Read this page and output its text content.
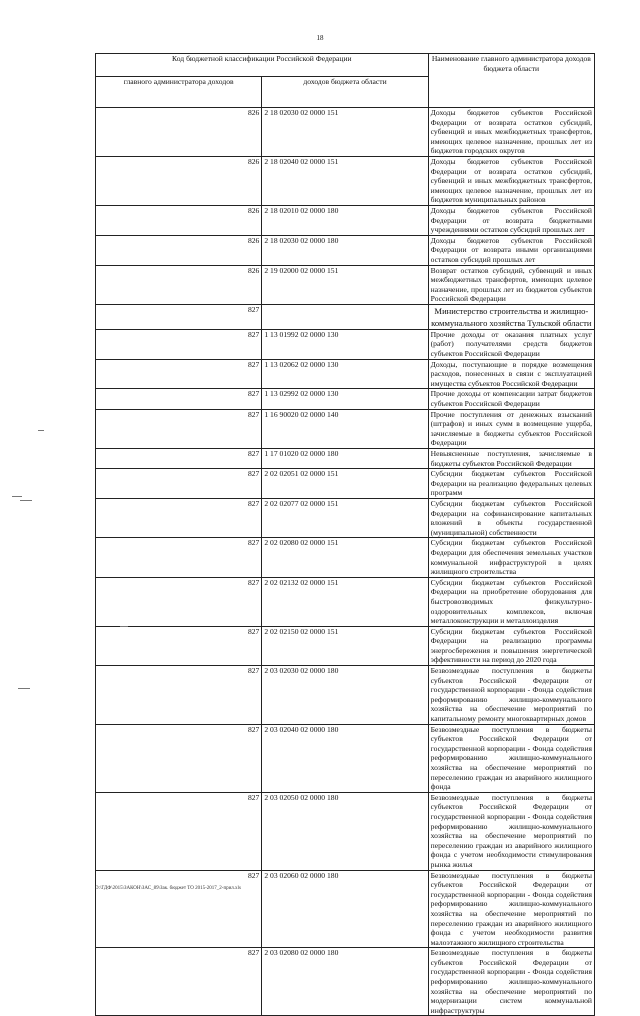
18
Код бюджетной классификации Российской Федерации		Наименование главного администратора доходов бюджета области
главного администратора доходов	доходов бюджета области	
826	2 18 02030 02 0000 151	Доходы бюджетов субъектов Российской Федерации от возврата остатков субсидий, субвенций и иных межбюджетных трансфертов, имеющих целевое назначение, прошлых лет из бюджетов городских округов
826	2 18 02040 02 0000 151	Доходы бюджетов субъектов Российской Федерации от возврата остатков субсидий, субвенций и иных межбюджетных трансфертов, имеющих целевое назначение, прошлых лет из бюджетов муниципальных районов
826	2 18 02010 02 0000 180	Доходы бюджетов субъектов Российской Федерации от возврата бюджетными учреждениями остатков субсидий прошлых лет
826	2 18 02030 02 0000 180	Доходы бюджетов субъектов Российской Федерации от возврата иными организациями остатков субсидий прошлых лет
826	2 19 02000 02 0000 151	Возврат остатков субсидий, субвенций и иных межбюджетных трансфертов, имеющих целевое назначение, прошлых лет из бюджетов субъектов Российской Федерации
827		Министерство строительства и жилищно-коммунального хозяйства Тульской области
827	1 13 01992 02 0000 130	Прочие доходы от оказания платных услуг (работ) получателями средств бюджетов субъектов Российской Федерации
827	1 13 02062 02 0000 130	Доходы, поступающие в порядке возмещения расходов, понесенных в связи с эксплуатацией имущества субъектов Российской Федерации
827	1 13 02992 02 0000 130	Прочие доходы от компенсации затрат бюджетов субъектов Российской Федерации
827	1 16 90020 02 0000 140	Прочие поступления от денежных взысканий (штрафов) и иных сумм в возмещение ущерба, зачисляемые в бюджеты субъектов Российской Федерации
827	1 17 01020 02 0000 180	Невыясненные поступления, зачисляемые в бюджеты субъектов Российской Федерации
827	2 02 02051 02 0000 151	Субсидии бюджетам субъектов Российской Федерации на реализацию федеральных целевых программ
827	2 02 02077 02 0000 151	Субсидии бюджетам субъектов Российской Федерации на софинансирование капитальных вложений в объекты государственной (муниципальной) собственности
827	2 02 02080 02 0000 151	Субсидии бюджетам субъектов Российской Федерации для обеспечения земельных участков коммунальной инфраструктурой в целях жилищного строительства
827	2 02 02132 02 0000 151	Субсидии бюджетам субъектов Российской Федерации на приобретение оборудования для быстровозводимых физкультурно-оздоровительных комплексов, включая металлоконструкции и металлоизделия
827	2 02 02150 02 0000 151	Субсидии бюджетам субъектов Российской Федерации на реализацию программы энергосбережения и повышения энергетической эффективности на период до 2020 года
827	2 03 02030 02 0000 180	Безвозмездные поступления в бюджеты субъектов Российской Федерации от государственной корпорации - Фонда содействия реформированию жилищно-коммунального хозяйства на обеспечение мероприятий по капитальному ремонту многоквартирных домов
827	2 03 02040 02 0000 180	Безвозмездные поступления в бюджеты субъектов Российской Федерации от государственной корпорации - Фонда содействия реформированию жилищно-коммунального хозяйства на обеспечение мероприятий по переселению граждан из аварийного жилищного фонда
827	2 03 02050 02 0000 180	Безвозмездные поступления в бюджеты субъектов Российской Федерации от государственной корпорации - Фонда содействия реформированию жилищно-коммунального хозяйства на обеспечение мероприятий по переселению граждан из аварийного жилищного фонда с учетом необходимости стимулирования рынка жилья
827	2 03 02060 02 0000 180	Безвозмездные поступления в бюджеты субъектов Российской Федерации от государственной корпорации - Фонда содействия реформированию жилищно-коммунального хозяйства на обеспечение мероприятий по переселению граждан из аварийного жилищного фонда с учетом необходимости развития малоэтажного жилищного строительства
827	2 03 02080 02 0000 180	Безвозмездные поступления в бюджеты субъектов Российской Федерации от государственной корпорации - Фонда содействия реформированию жилищно-коммунального хозяйства на обеспечение мероприятий по модернизации систем коммунальной инфраструктуры
D:\ГДФ\2015\ЗАКОН\ЗАС_89\Зак. бюджет ТО 2015-2017_2-прил.xls
